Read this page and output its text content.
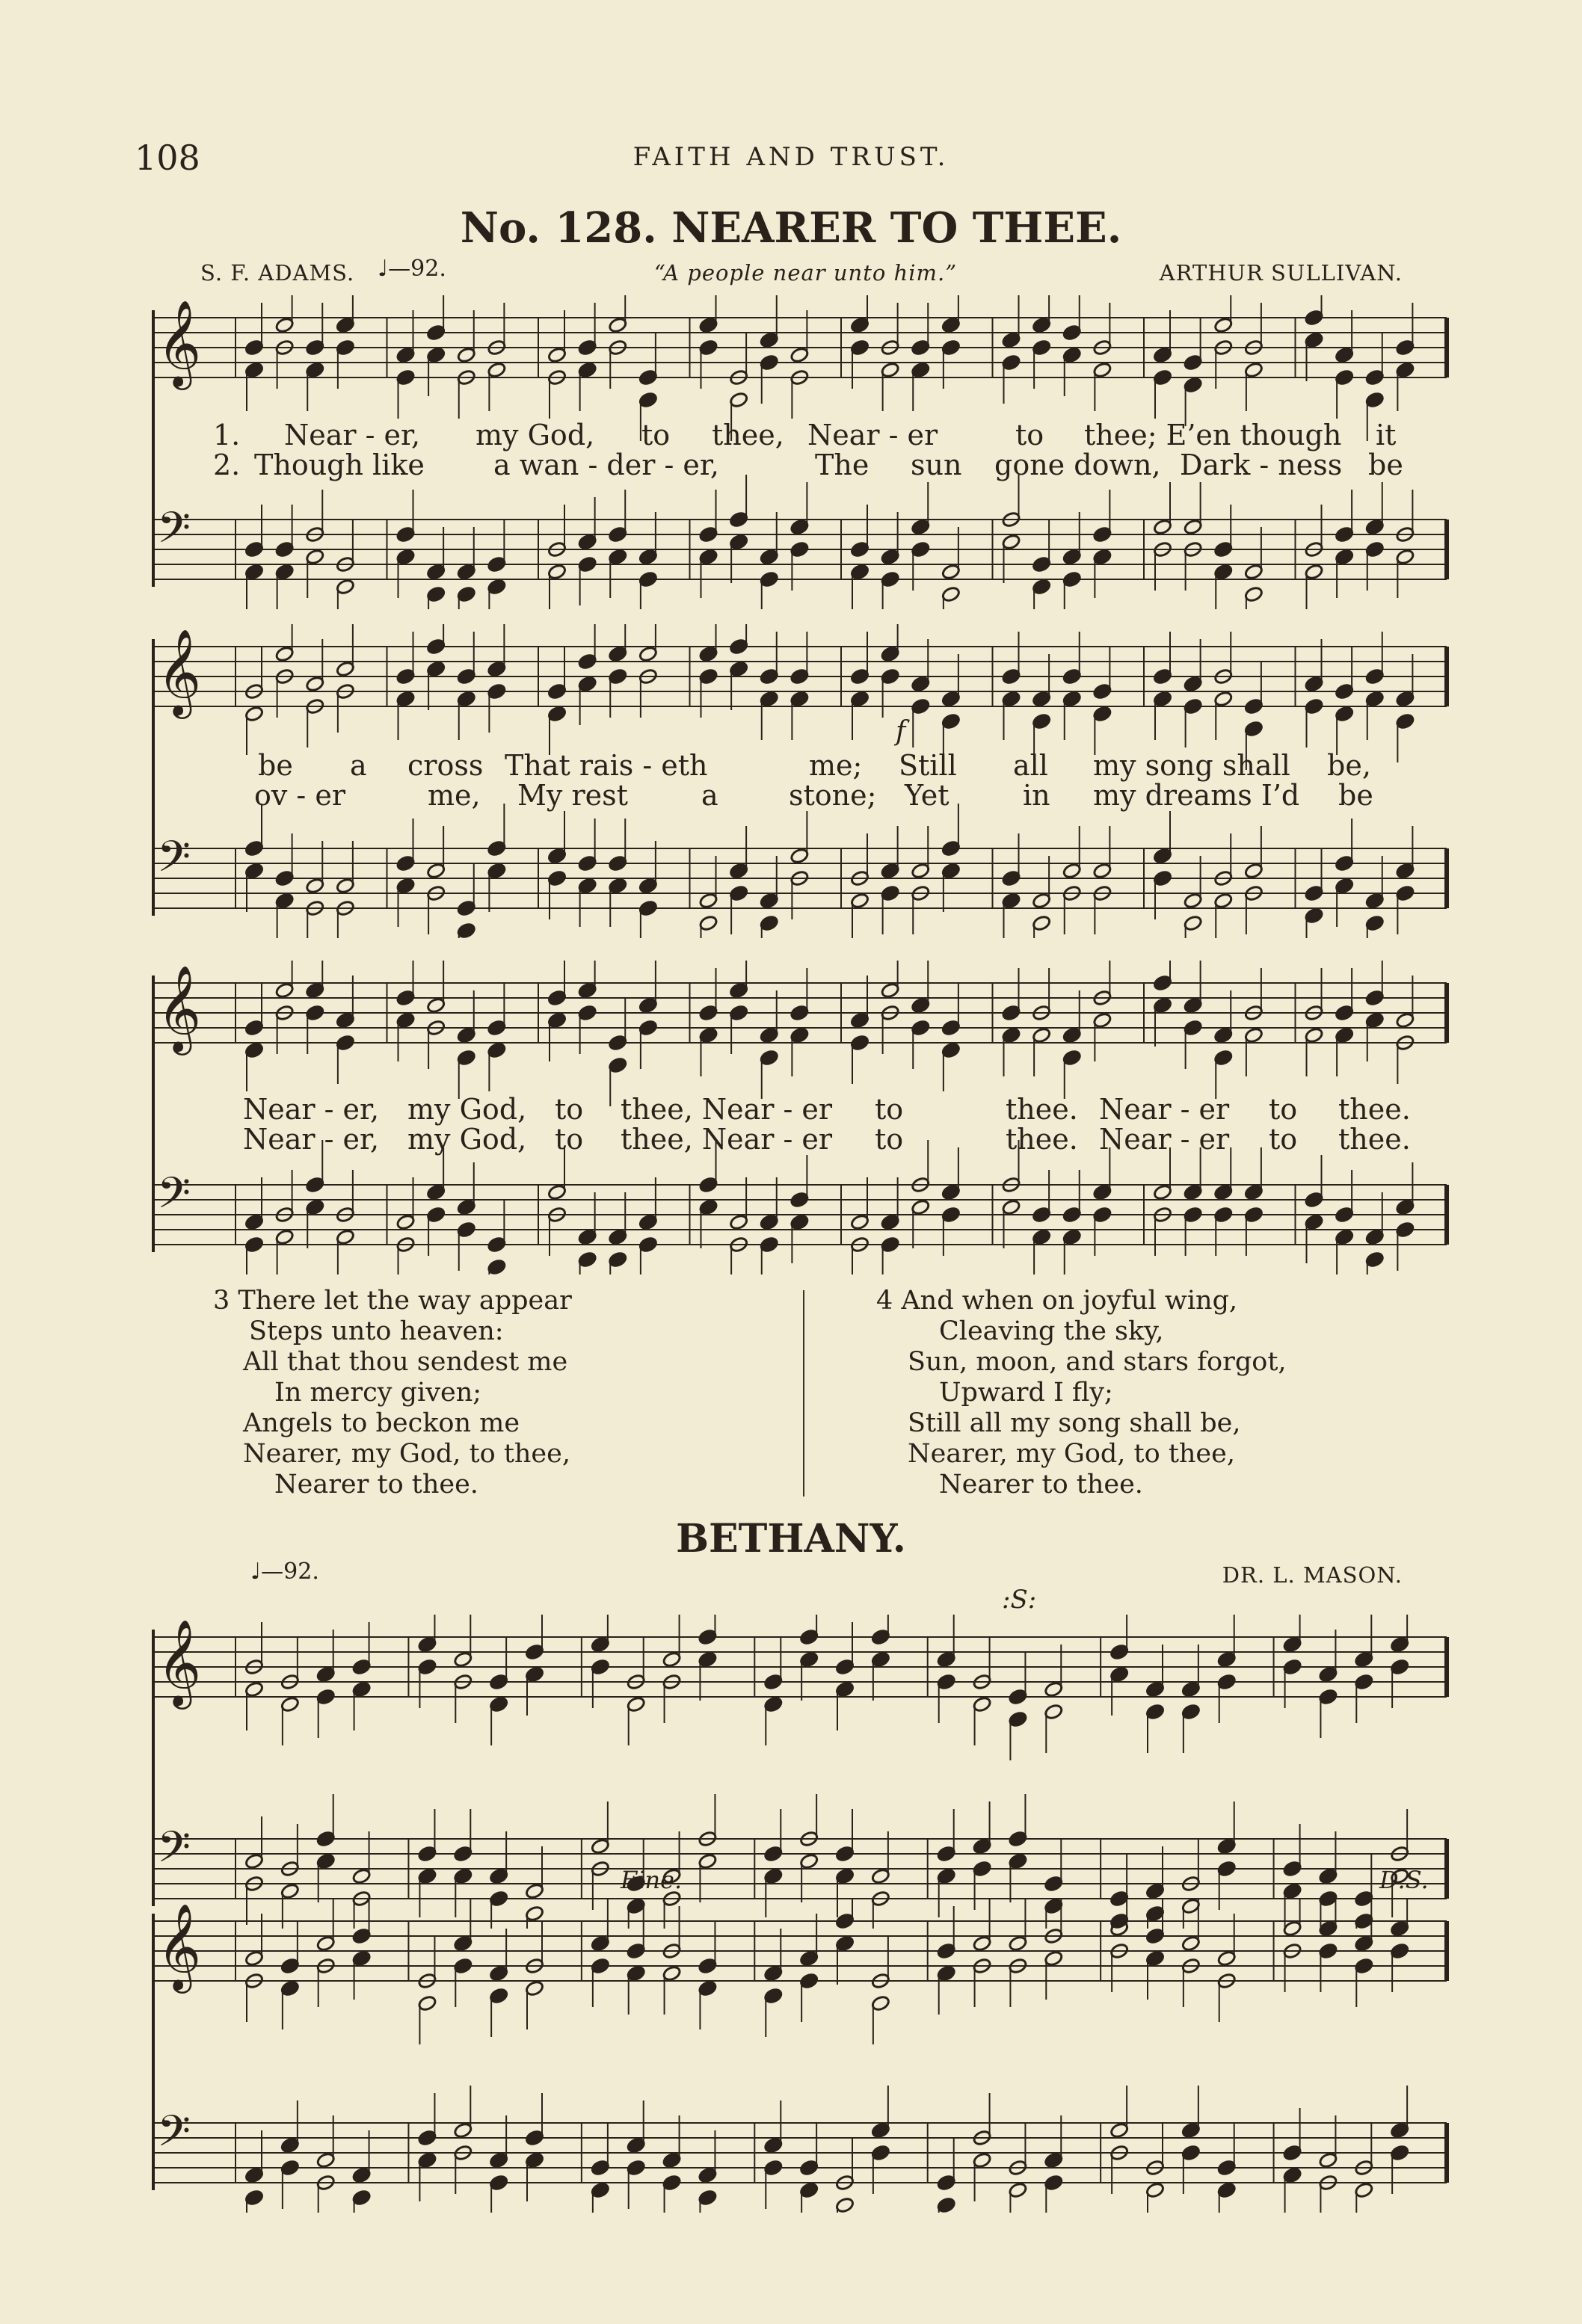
108	FAITH AND TRUST.
No. 128. NEARER TO THEE.
S. F. ADAMS. ♩—92.	“A people near unto him.”	ARTHUR SULLIVAN.
𝄞
𝄢
𝄞
𝄢
𝄞
𝄢
1. Near - er, my God, to thee, Near - er	to thee; E’en though it
2. Though like a wan - der - er,	The sun gone down, Dark - ness be
f
be a cross That rais - eth	me; Still all my song shall be,
ov - er	me, My rest	a stone; Yet	in my dreams I’d be
Near - er, my God, to thee, Near - er to	thee. Near - er to thee.
Near - er, my God, to thee, Near - er to	thee. Near - er to thee.
3 There let the way appear
Steps unto heaven:
All that thou sendest me
In mercy given;
Angels to beckon me
Nearer, my God, to thee,
Nearer to thee.
4 And when on joyful wing,
Cleaving the sky,
Sun, moon, and stars forgot,
Upward I fly;
Still all my song shall be,
Nearer, my God, to thee,
Nearer to thee.
BETHANY.
♩—92.	DR. L. MASON.
:S:
𝄞
𝄢	Fine.	D.S.
𝄞
𝄢
